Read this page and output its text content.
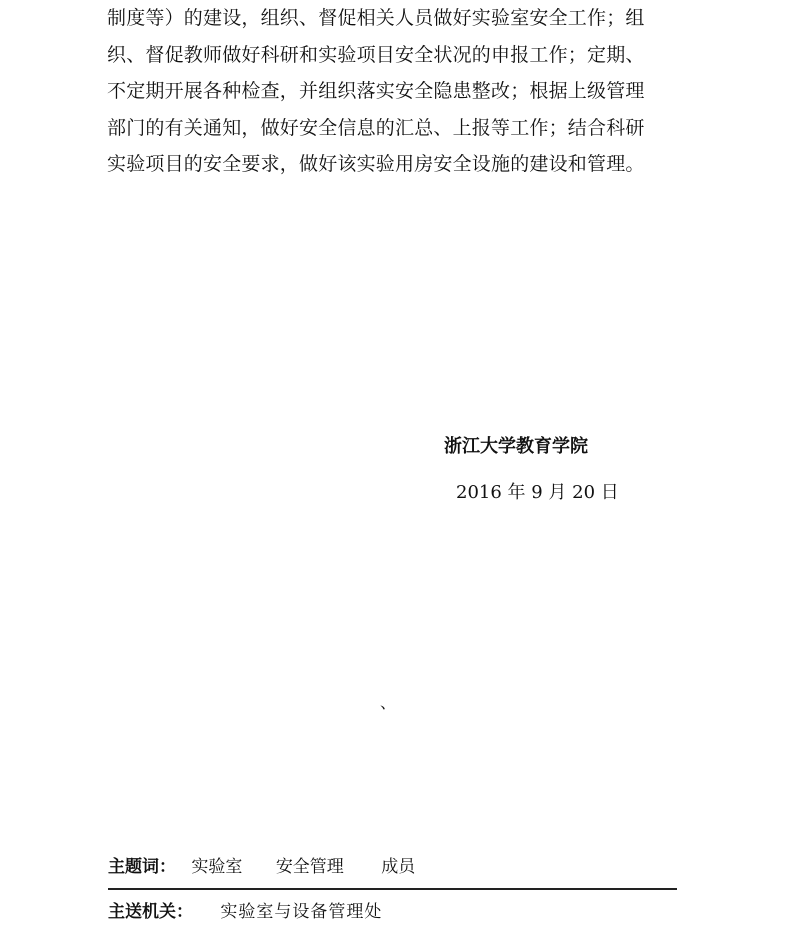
制度等）的建设，组织、督促相关人员做好实验室安全工作；组
织、督促教师做好科研和实验项目安全状况的申报工作；定期、
不定期开展各种检查，并组织落实安全隐患整改；根据上级管理
部门的有关通知，做好安全信息的汇总、上报等工作；结合科研
实验项目的安全要求，做好该实验用房安全设施的建设和管理。
浙江大学教育学院
2016 年 9 月 20 日
、
主题词： 实验室 安全管理 成员
主送机关： 实验室与设备管理处
